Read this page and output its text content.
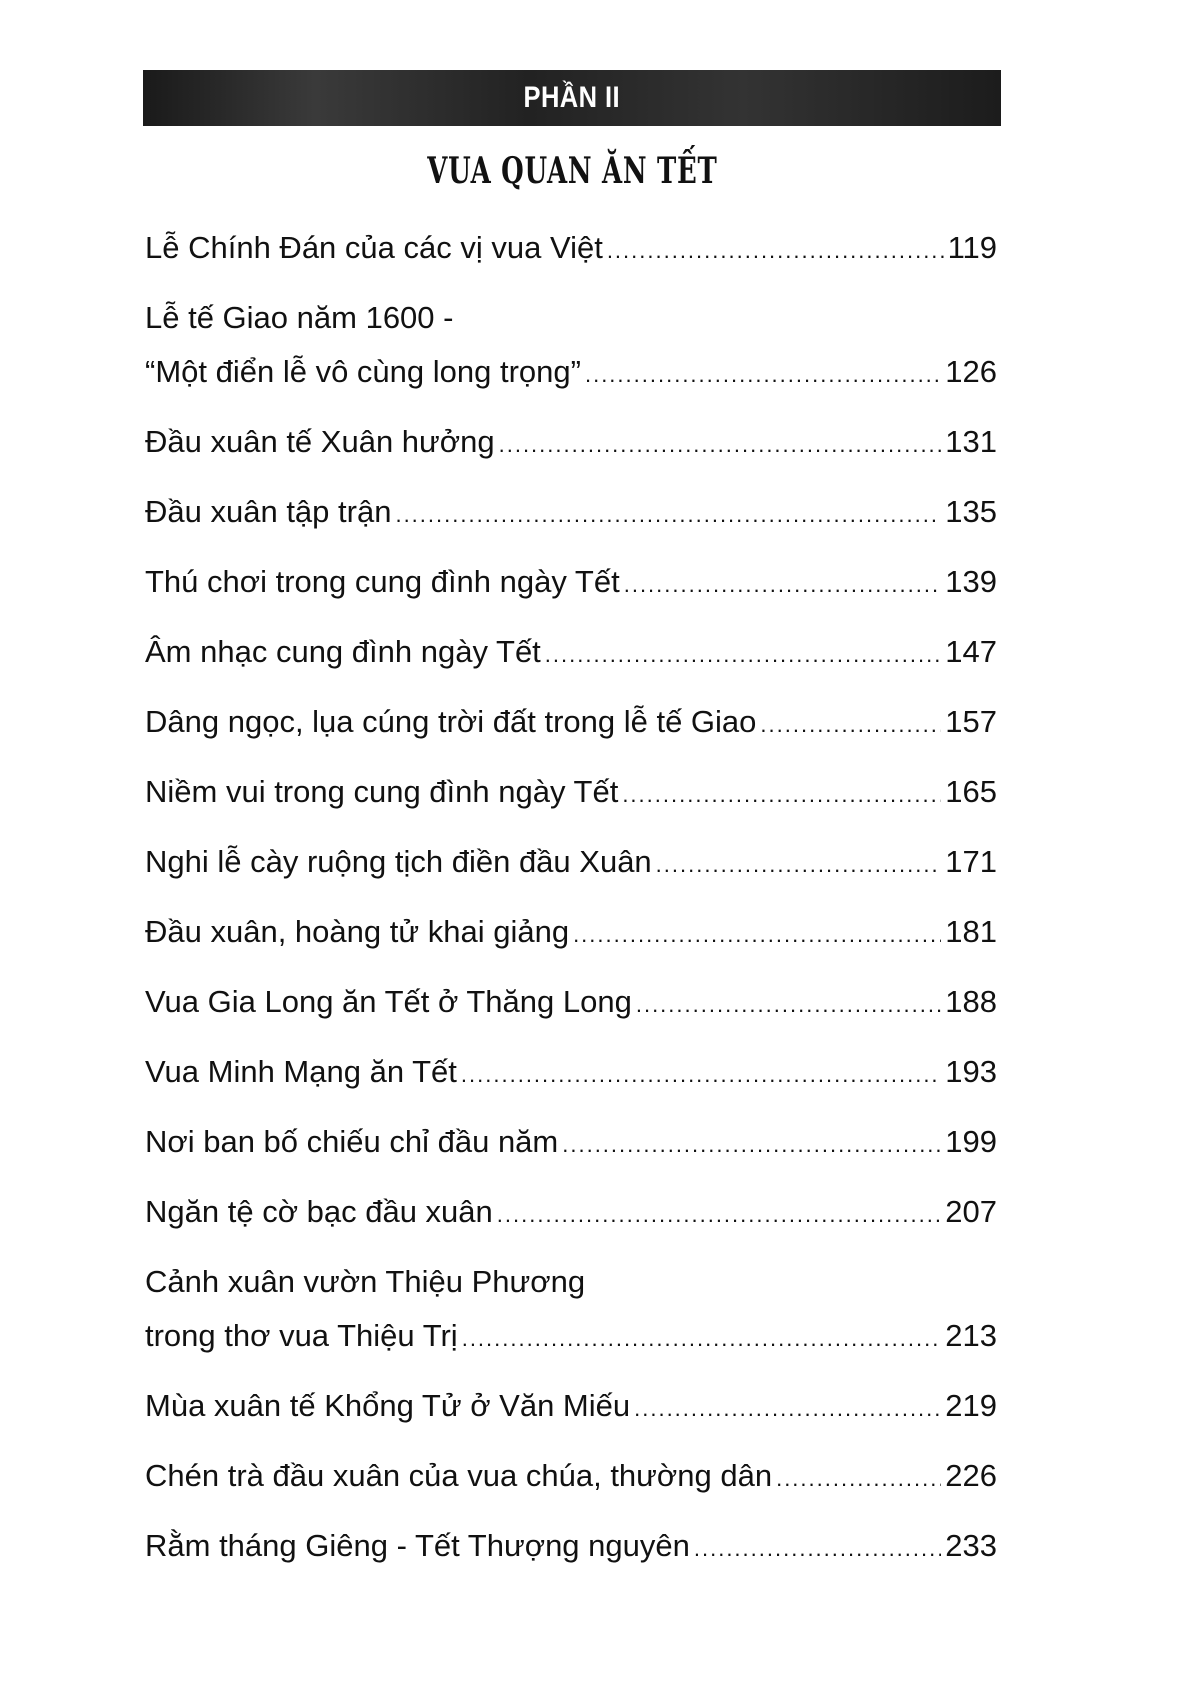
PHẦN II
VUA QUAN ĂN TẾT
Lễ Chính Đán của các vị vua Việt .....	119
Lễ tế Giao năm 1600 -
“Một điển lễ vô cùng long trọng” .....	126
Đầu xuân tế Xuân hưởng .....	131
Đầu xuân tập trận .....	135
Thú chơi trong cung đình ngày Tết .....	139
Âm nhạc cung đình ngày Tết .....	147
Dâng ngọc, lụa cúng trời đất trong lễ tế Giao .....	157
Niềm vui trong cung đình ngày Tết .....	165
Nghi lễ cày ruộng tịch điền đầu Xuân .....	171
Đầu xuân, hoàng tử khai giảng .....	181
Vua Gia Long ăn Tết ở Thăng Long .....	188
Vua Minh Mạng ăn Tết .....	193
Nơi ban bố chiếu chỉ đầu năm .....	199
Ngăn tệ cờ bạc đầu xuân .....	207
Cảnh xuân vườn Thiệu Phương
trong thơ vua Thiệu Trị .....	213
Mùa xuân tế Khổng Tử ở Văn Miếu .....	219
Chén trà đầu xuân của vua chúa, thường dân .....	226
Rằm tháng Giêng - Tết Thượng nguyên .....	233
